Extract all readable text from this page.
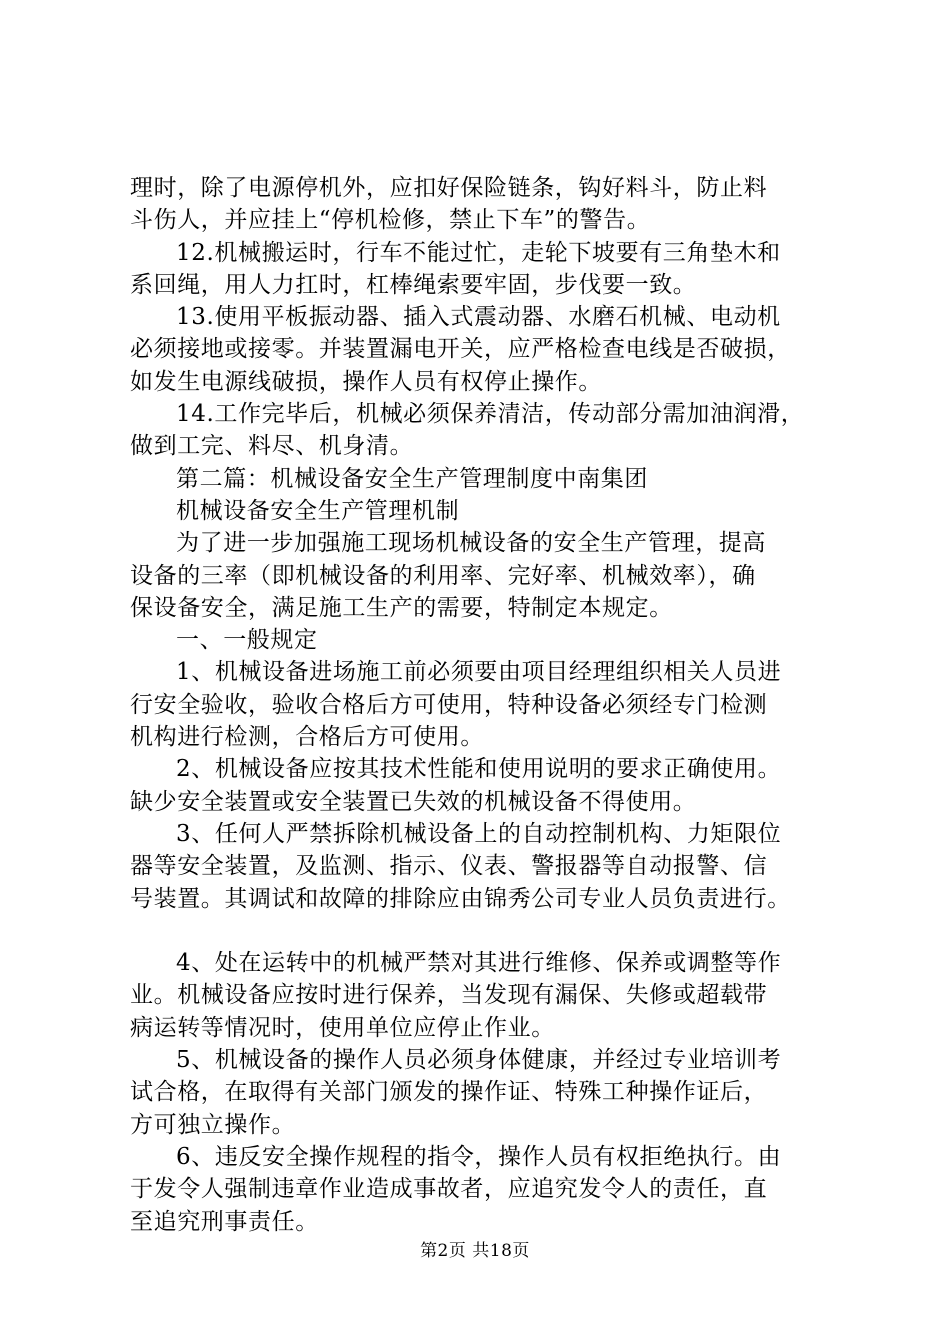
理时，除了电源停机外，应扣好保险链条，钩好料斗，防止料
斗伤人，并应挂上“停机检修，禁止下车”的警告。
12.机械搬运时，行车不能过忙，走轮下坡要有三角垫木和
系回绳，用人力扛时，杠棒绳索要牢固，步伐要一致。
13.使用平板振动器、插入式震动器、水磨石机械、电动机
必须接地或接零。并装置漏电开关，应严格检查电线是否破损，
如发生电源线破损，操作人员有权停止操作。
14.工作完毕后，机械必须保养清洁，传动部分需加油润滑，
做到工完、料尽、机身清。
第二篇：机械设备安全生产管理制度中南集团
机械设备安全生产管理机制
为了进一步加强施工现场机械设备的安全生产管理，提高
设备的三率（即机械设备的利用率、完好率、机械效率），确
保设备安全，满足施工生产的需要，特制定本规定。
一、一般规定
1、机械设备进场施工前必须要由项目经理组织相关人员进
行安全验收，验收合格后方可使用，特种设备必须经专门检测
机构进行检测，合格后方可使用。
2、机械设备应按其技术性能和使用说明的要求正确使用。
缺少安全装置或安全装置已失效的机械设备不得使用。
3、任何人严禁拆除机械设备上的自动控制机构、力矩限位
器等安全装置，及监测、指示、仪表、警报器等自动报警、信
号装置。其调试和故障的排除应由锦秀公司专业人员负责进行。
4、处在运转中的机械严禁对其进行维修、保养或调整等作
业。机械设备应按时进行保养，当发现有漏保、失修或超载带
病运转等情况时，使用单位应停止作业。
5、机械设备的操作人员必须身体健康，并经过专业培训考
试合格，在取得有关部门颁发的操作证、特殊工种操作证后，
方可独立操作。
6、违反安全操作规程的指令，操作人员有权拒绝执行。由
于发令人强制违章作业造成事故者，应追究发令人的责任，直
至追究刑事责任。
第2页 共18页
